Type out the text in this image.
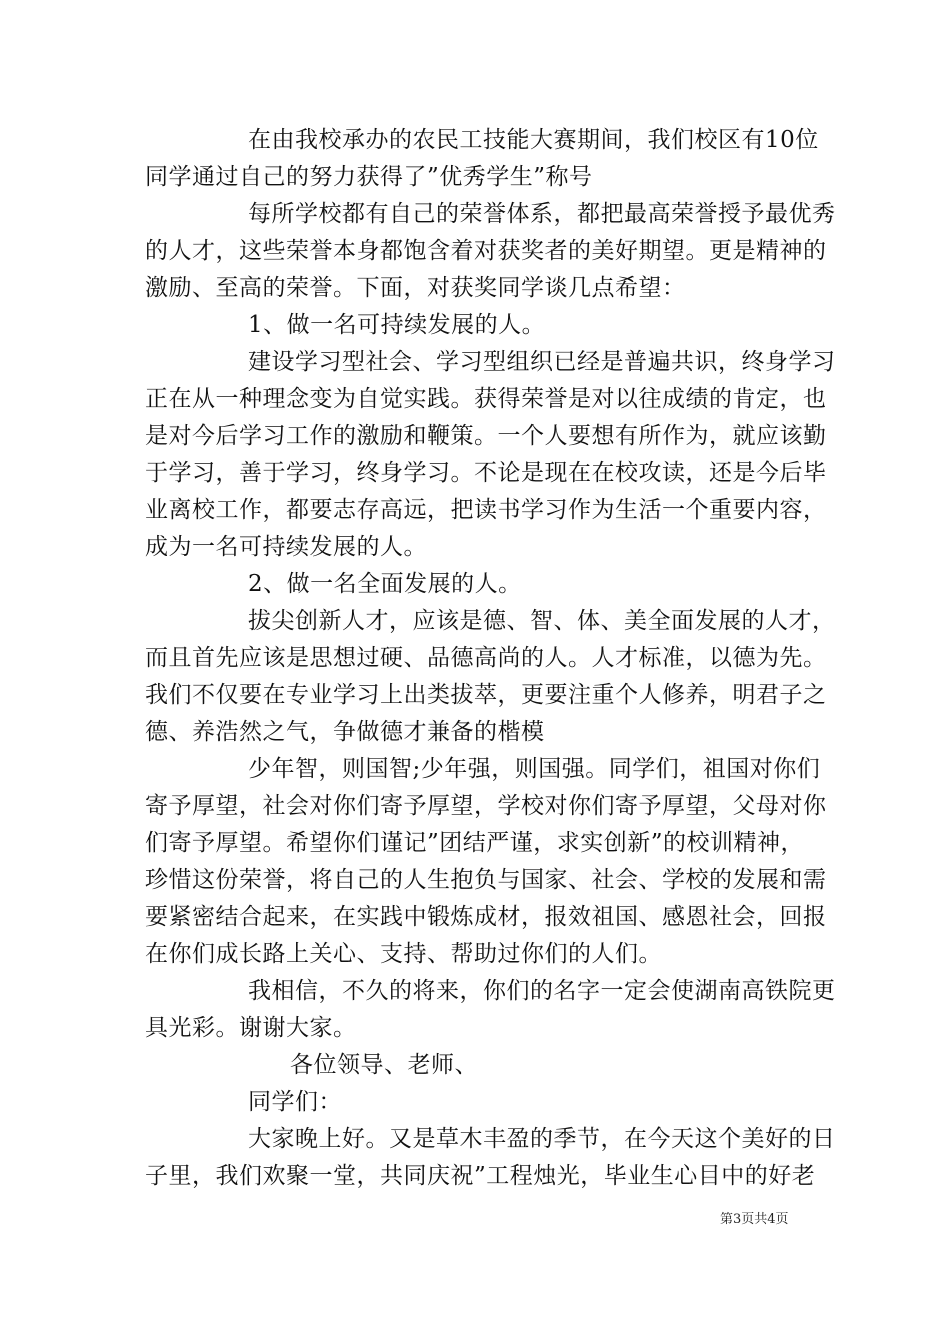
在由我校承办的农民工技能大赛期间，我们校区有10位
同学通过自己的努力获得了”优秀学生”称号
每所学校都有自己的荣誉体系，都把最高荣誉授予最优秀
的人才，这些荣誉本身都饱含着对获奖者的美好期望。更是精神的
激励、至高的荣誉。下面，对获奖同学谈几点希望：
1、做一名可持续发展的人。
建设学习型社会、学习型组织已经是普遍共识，终身学习
正在从一种理念变为自觉实践。获得荣誉是对以往成绩的肯定，也
是对今后学习工作的激励和鞭策。一个人要想有所作为，就应该勤
于学习，善于学习，终身学习。不论是现在在校攻读，还是今后毕
业离校工作，都要志存高远，把读书学习作为生活一个重要内容，
成为一名可持续发展的人。
2、做一名全面发展的人。
拔尖创新人才，应该是德、智、体、美全面发展的人才，
而且首先应该是思想过硬、品德高尚的人。人才标准，以德为先。
我们不仅要在专业学习上出类拔萃，更要注重个人修养，明君子之
德、养浩然之气，争做德才兼备的楷模
少年智，则国智;少年强，则国强。同学们，祖国对你们
寄予厚望，社会对你们寄予厚望，学校对你们寄予厚望，父母对你
们寄予厚望。希望你们谨记”团结严谨，求实创新”的校训精神，
珍惜这份荣誉，将自己的人生抱负与国家、社会、学校的发展和需
要紧密结合起来，在实践中锻炼成材，报效祖国、感恩社会，回报
在你们成长路上关心、支持、帮助过你们的人们。
我相信，不久的将来，你们的名字一定会使湖南高铁院更
具光彩。谢谢大家。
各位领导、老师、
同学们：
大家晚上好。又是草木丰盈的季节，在今天这个美好的日
子里，我们欢聚一堂，共同庆祝”工程烛光，毕业生心目中的好老
第3页共4页
